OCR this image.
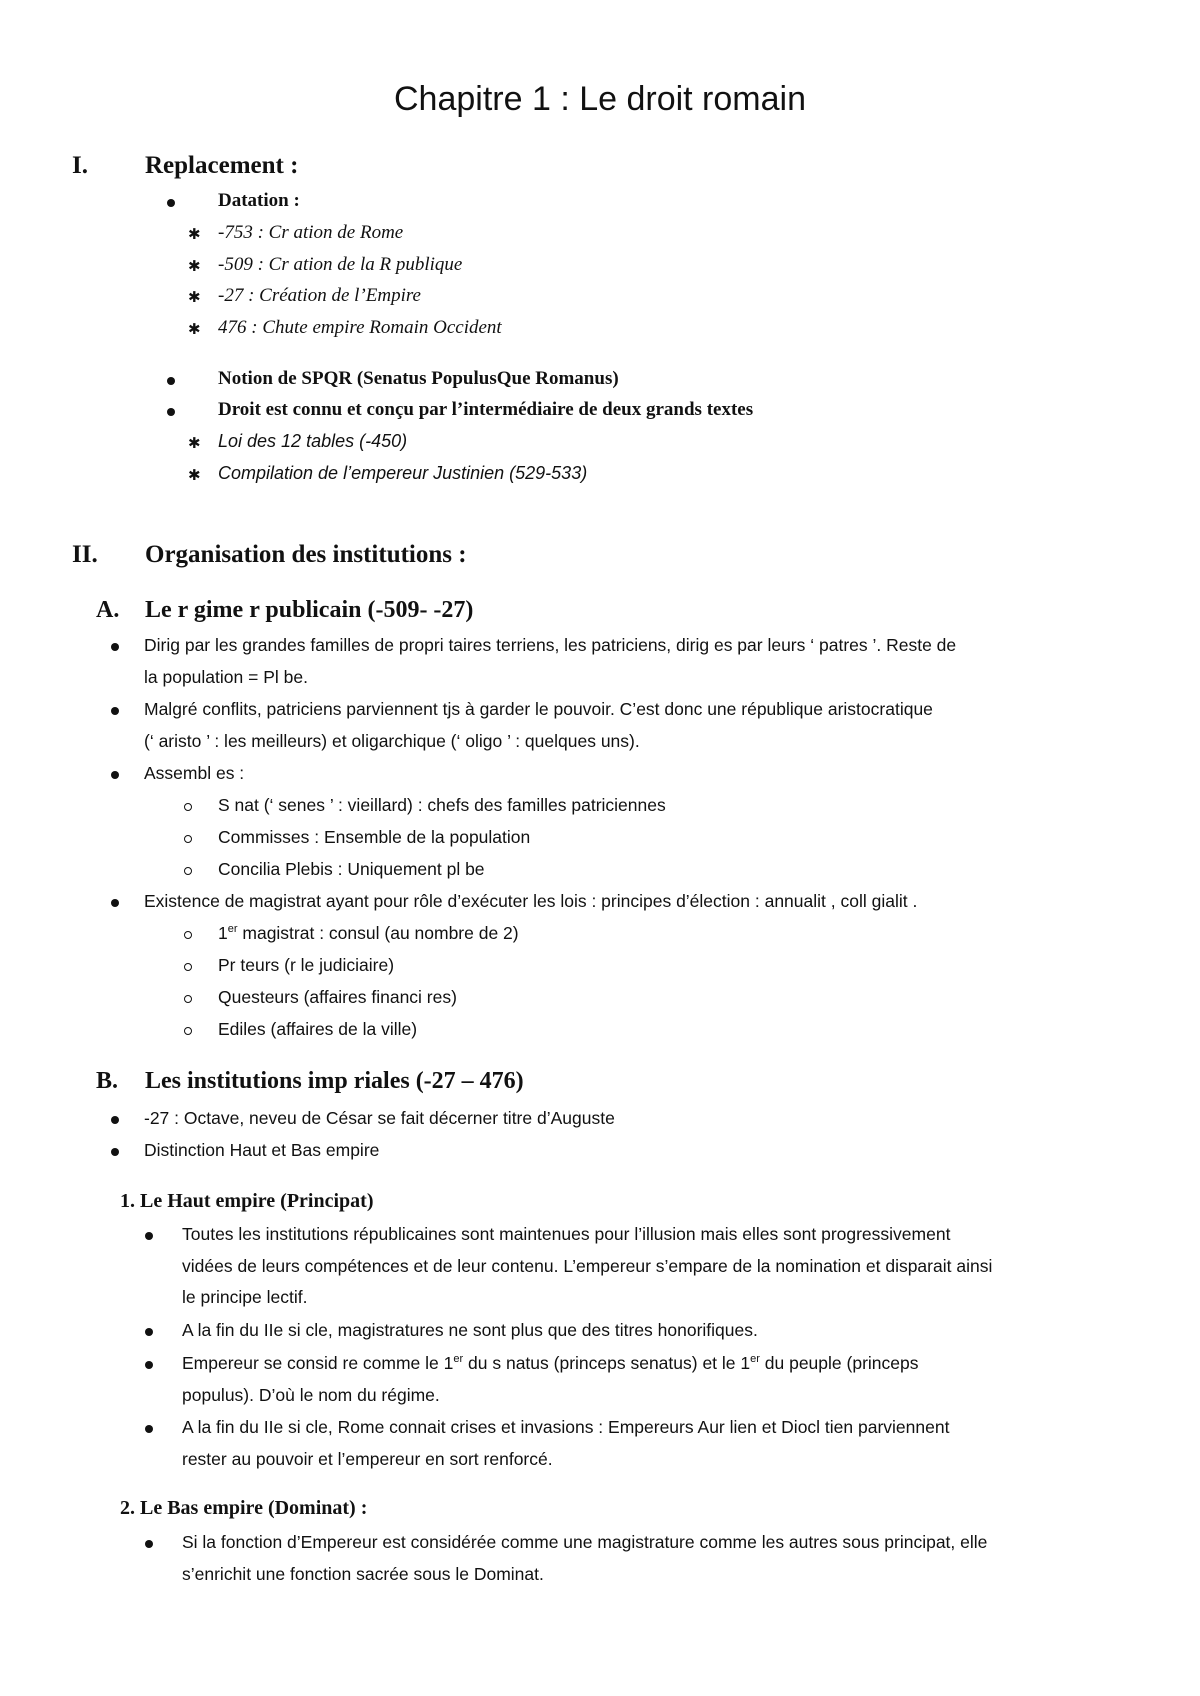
Chapitre 1 : Le droit romain
I. Replacement :
Datation :
✱ -753 : Cr ation de Rome
✱ -509 : Cr ation de la R publique
✱ -27 : Création de l’Empire
✱ 476 : Chute empire Romain Occident
Notion de SPQR (Senatus PopulusQue Romanus)
Droit est connu et conçu par l’intermédiaire de deux grands textes
✱ Loi des 12 tables (-450)
✱ Compilation de l’empereur Justinien (529-533)
II. Organisation des institutions :
A. Le r gime r publicain (-509- -27)
Dirig par les grandes familles de propri taires terriens, les patriciens, dirig es par leurs ‘ patres ’. Reste de
la population = Pl be.
Malgré conflits, patriciens parviennent tjs à garder le pouvoir. C’est donc une république aristocratique
(‘ aristo ’ : les meilleurs) et oligarchique (‘ oligo ’ : quelques uns).
Assembl es :
S nat (‘ senes ’ : vieillard) : chefs des familles patriciennes
Commisses : Ensemble de la population
Concilia Plebis : Uniquement pl be
Existence de magistrat ayant pour rôle d’exécuter les lois : principes d’élection : annualit , coll gialit .
1er magistrat : consul (au nombre de 2)
Pr teurs (r le judiciaire)
Questeurs (affaires financi res)
Ediles (affaires de la ville)
B. Les institutions imp riales (-27 – 476)
-27 : Octave, neveu de César se fait décerner titre d’Auguste
Distinction Haut et Bas empire
1. Le Haut empire (Principat)
Toutes les institutions républicaines sont maintenues pour l’illusion mais elles sont progressivement
vidées de leurs compétences et de leur contenu. L’empereur s’empare de la nomination et disparait ainsi
le principe lectif.
A la fin du IIe si cle, magistratures ne sont plus que des titres honorifiques.
Empereur se consid re comme le 1er du s natus (princeps senatus) et le 1er du peuple (princeps
populus). D’où le nom du régime.
A la fin du IIe si cle, Rome connait crises et invasions : Empereurs Aur lien et Diocl tien parviennent
rester au pouvoir et l’empereur en sort renforcé.
2. Le Bas empire (Dominat) :
Si la fonction d’Empereur est considérée comme une magistrature comme les autres sous principat, elle
s’enrichit une fonction sacrée sous le Dominat.
